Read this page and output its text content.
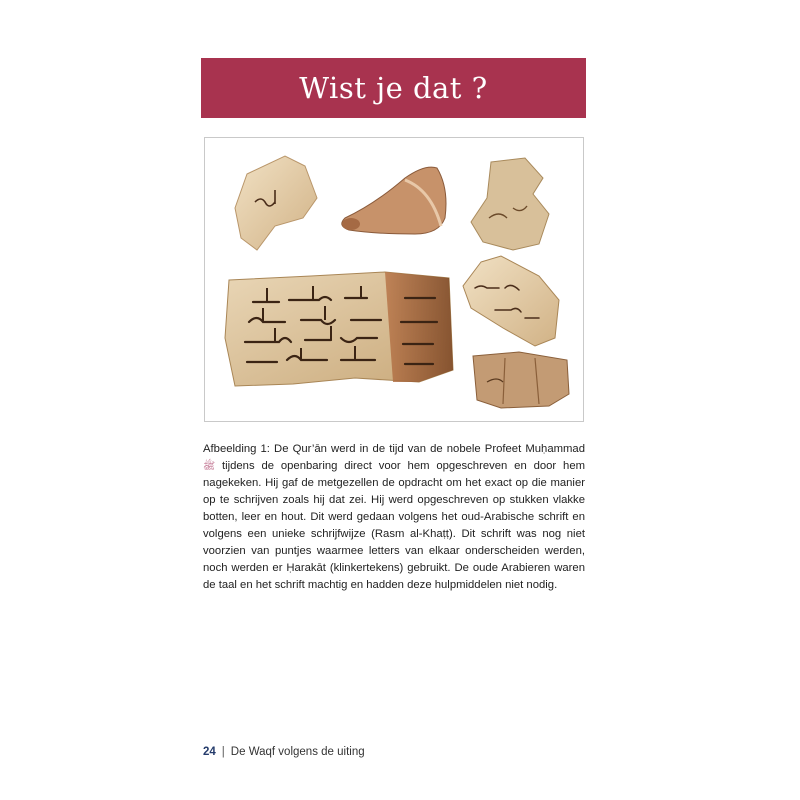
Wist je dat ?

Afbeelding 1: De Qur’ān werd in de tijd van de nobele Profeet Muḥammad ﷺ tijdens de openbaring direct voor hem opgeschreven en door hem nagekeken. Hij gaf de metgezellen de opdracht om het exact op die manier op te schrijven zoals hij dat zei. Hij werd opgeschreven op stukken vlakke botten, leer en hout. Dit werd gedaan volgens het oud-Arabische schrift en volgens een unieke schrijfwijze (Rasm al-Khaṭṭ). Dit schrift was nog niet voorzien van puntjes waarmee letters van elkaar onderscheiden werden, noch werden er Ḥarakāt (klinkertekens) gebruikt. De oude Arabieren waren de taal en het schrift machtig en hadden deze hulpmiddelen niet nodig.

24 | De Waqf volgens de uiting
